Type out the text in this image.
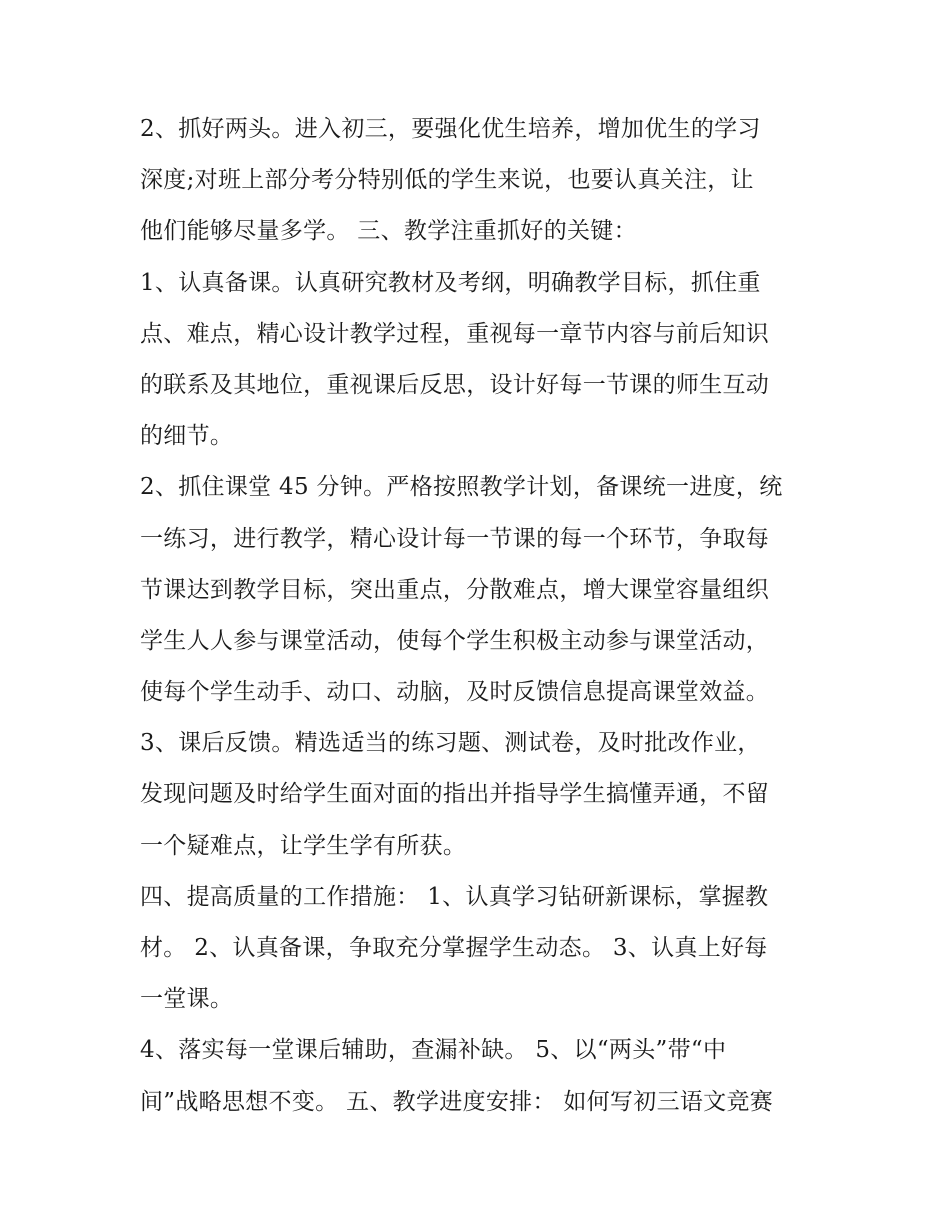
2、抓好两头。进入初三，要强化优生培养，增加优生的学习
深度;对班上部分考分特别低的学生来说，也要认真关注，让
他们能够尽量多学。 三、教学注重抓好的关键：
1、认真备课。认真研究教材及考纲，明确教学目标，抓住重
点、难点，精心设计教学过程，重视每一章节内容与前后知识
的联系及其地位，重视课后反思，设计好每一节课的师生互动
的细节。
2、抓住课堂 45 分钟。严格按照教学计划，备课统一进度，统
一练习，进行教学，精心设计每一节课的每一个环节，争取每
节课达到教学目标，突出重点，分散难点，增大课堂容量组织
学生人人参与课堂活动，使每个学生积极主动参与课堂活动，
使每个学生动手、动口、动脑，及时反馈信息提高课堂效益。
3、课后反馈。精选适当的练习题、测试卷，及时批改作业，
发现问题及时给学生面对面的指出并指导学生搞懂弄通，不留
一个疑难点，让学生学有所获。
四、提高质量的工作措施： 1、认真学习钻研新课标，掌握教
材。 2、认真备课，争取充分掌握学生动态。 3、认真上好每
一堂课。
4、落实每一堂课后辅助，查漏补缺。 5、以“两头”带“中
间”战略思想不变。 五、教学进度安排： 如何写初三语文竞赛
